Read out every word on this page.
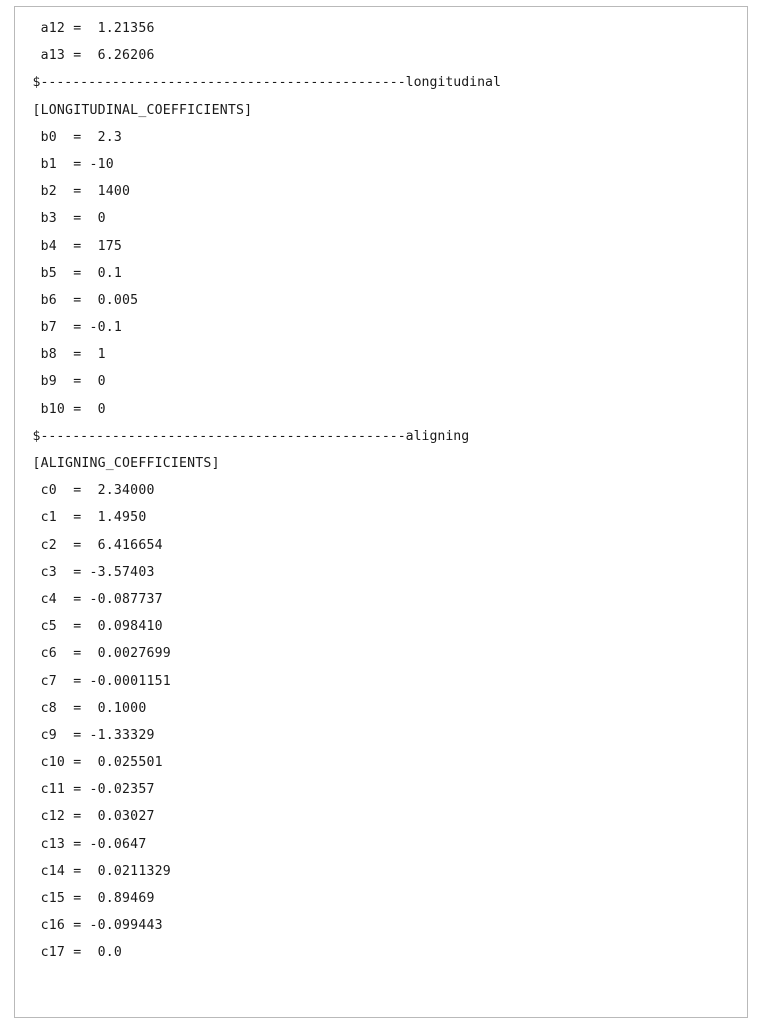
a12 =  1.21356
a13 =  6.26206
$----------------------------------------------longitudinal
[LONGITUDINAL_COEFFICIENTS]
b0  =  2.3
b1  = -10
b2  =  1400
b3  =  0
b4  =  175
b5  =  0.1
b6  =  0.005
b7  = -0.1
b8  =  1
b9  =  0
b10 =  0
$----------------------------------------------aligning
[ALIGNING_COEFFICIENTS]
c0  =  2.34000
c1  =  1.4950
c2  =  6.416654
c3  = -3.57403
c4  = -0.087737
c5  =  0.098410
c6  =  0.0027699
c7  = -0.0001151
c8  =  0.1000
c9  = -1.33329
c10 =  0.025501
c11 = -0.02357
c12 =  0.03027
c13 = -0.0647
c14 =  0.0211329
c15 =  0.89469
c16 = -0.099443
c17 =  0.0
